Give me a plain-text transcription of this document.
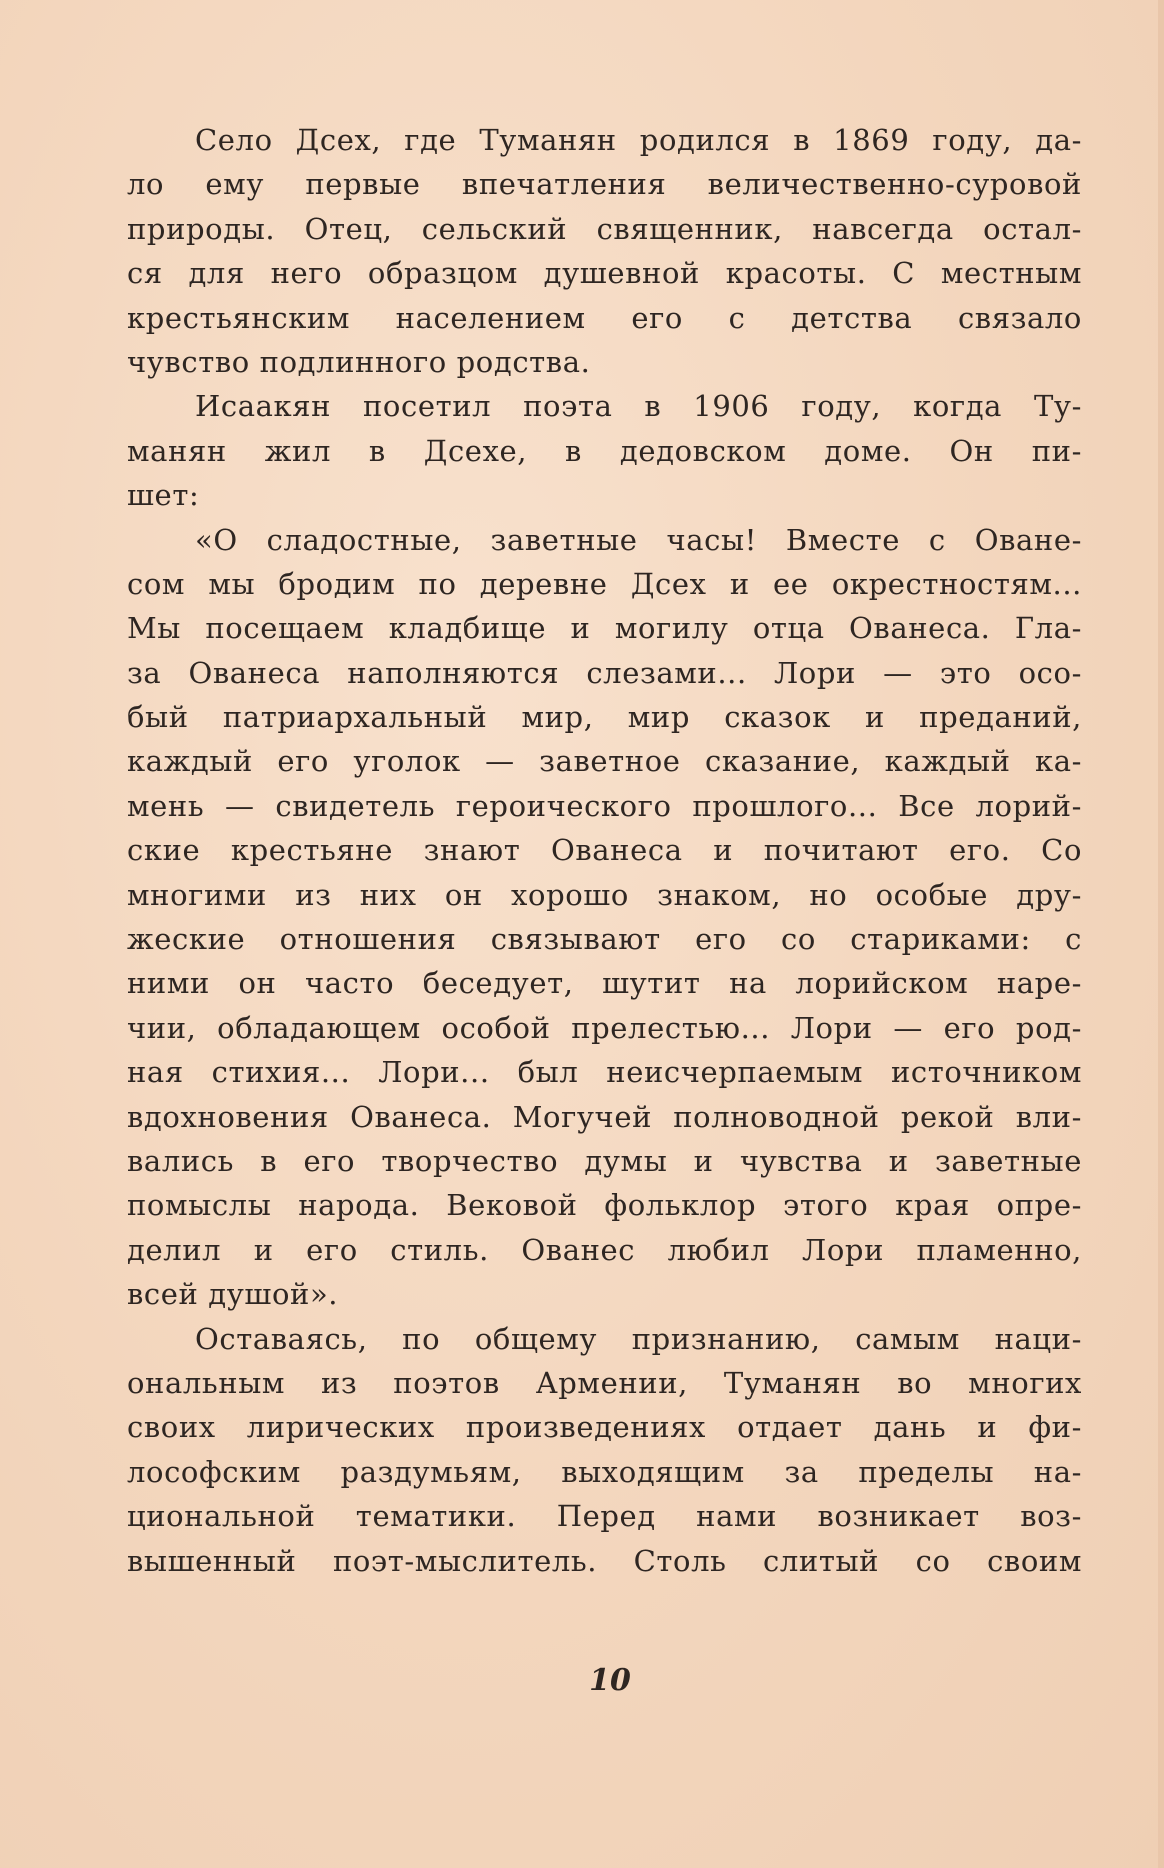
Село Дсех, где Туманян родился в 1869 году, да-
ло ему первые впечатления величественно-суровой
природы. Отец, сельский священник, навсегда остал-
ся для него образцом душевной красоты. С местным
крестьянским населением его с детства связало
чувство подлинного родства.
Исаакян посетил поэта в 1906 году, когда Ту-
манян жил в Дсехе, в дедовском доме. Он пи-
шет:
«О сладостные, заветные часы! Вместе с Ованe-
сом мы бродим по деревне Дсех и ее окрестностям...
Мы посещаем кладбище и могилу отца Ованеса. Гла-
за Ованеса наполняются слезами... Лори — это осо-
бый патриархальный мир, мир сказок и преданий,
каждый его уголок — заветное сказание, каждый ка-
мень — свидетель героического прошлого... Все лорий-
ские крестьяне знают Ованеса и почитают его. Со
многими из них он хорошо знаком, но особые дру-
жеские отношения связывают его со стариками: с
ними он часто беседует, шутит на лорийском наре-
чии, обладающем особой прелестью... Лори — его род-
ная стихия... Лори... был неисчерпаемым источником
вдохновения Ованеса. Могучей полноводной рекой вли-
вались в его творчество думы и чувства и заветные
помыслы народа. Вековой фольклор этого края опре-
делил и его стиль. Ованес любил Лори пламенно,
всей душой».
Оставаясь, по общему признанию, самым нaци-
ональным из поэтов Армении, Туманян во многих
своих лирических произведениях отдает дань и фи-
лософским раздумьям, выходящим за пределы на-
циональной тематики. Перед нами возникает воз-
вышенный поэт-мыслитель. Столь слитый со своим
10
